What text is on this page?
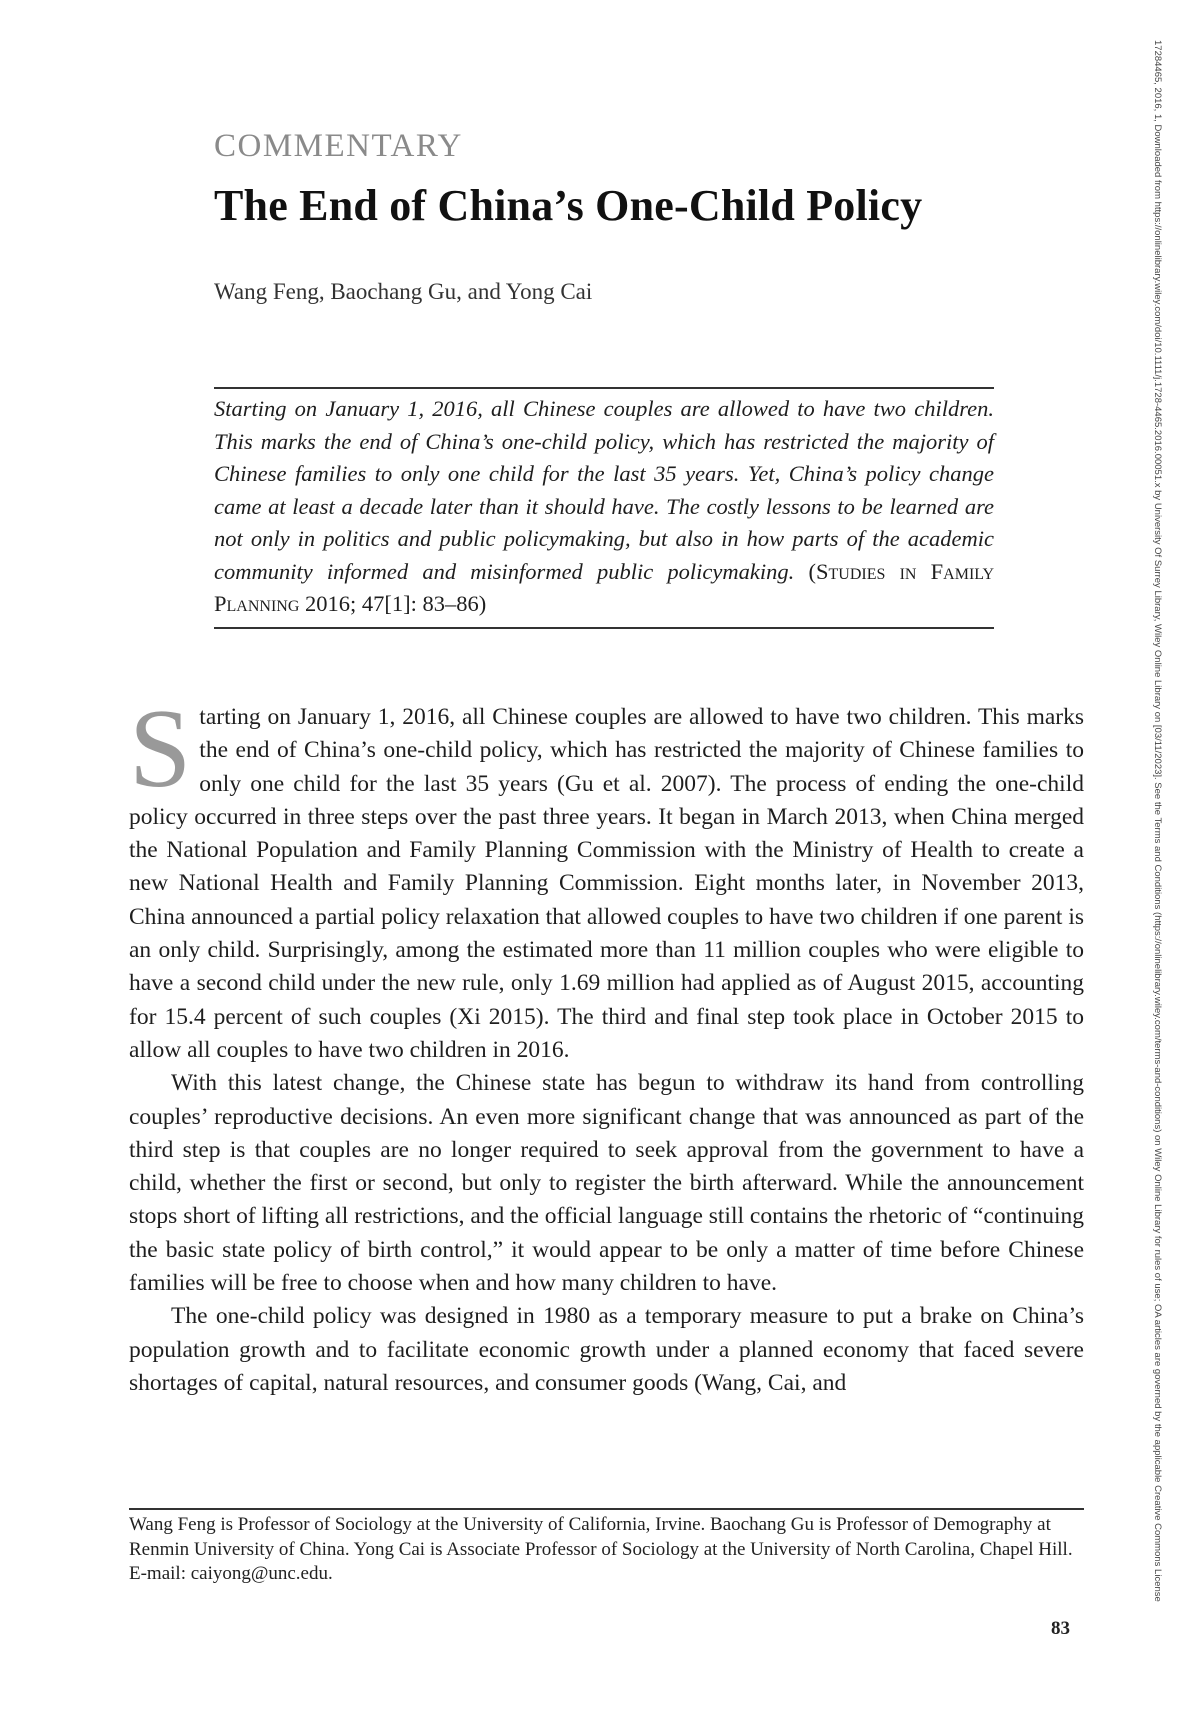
COMMENTARY
The End of China’s One-Child Policy
Wang Feng, Baochang Gu, and Yong Cai

Starting on January 1, 2016, all Chinese couples are allowed to have two children. This marks the end of China’s one-child policy, which has restricted the majority of Chinese families to only one child for the last 35 years. Yet, China’s policy change came at least a decade later than it should have. The costly lessons to be learned are not only in politics and public policymaking, but also in how parts of the academic community informed and misinformed public policymaking. (Studies in Family Planning 2016; 47[1]: 83–86)

Starting on January 1, 2016, all Chinese couples are allowed to have two children. This marks the end of China’s one-child policy, which has restricted the majority of Chinese families to only one child for the last 35 years (Gu et al. 2007). The process of ending the one-child policy occurred in three steps over the past three years. It began in March 2013, when China merged the National Population and Family Planning Commission with the Ministry of Health to create a new National Health and Family Planning Commission. Eight months later, in November 2013, China announced a partial policy relaxation that allowed couples to have two children if one parent is an only child. Surprisingly, among the estimated more than 11 million couples who were eligible to have a second child under the new rule, only 1.69 million had applied as of August 2015, accounting for 15.4 percent of such couples (Xi 2015). The third and final step took place in October 2015 to allow all couples to have two children in 2016.

With this latest change, the Chinese state has begun to withdraw its hand from controlling couples’ reproductive decisions. An even more significant change that was announced as part of the third step is that couples are no longer required to seek approval from the government to have a child, whether the first or second, but only to register the birth afterward. While the announcement stops short of lifting all restrictions, and the official language still contains the rhetoric of “continuing the basic state policy of birth control,” it would appear to be only a matter of time before Chinese families will be free to choose when and how many children to have.

The one-child policy was designed in 1980 as a temporary measure to put a brake on China’s population growth and to facilitate economic growth under a planned economy that faced severe shortages of capital, natural resources, and consumer goods (Wang, Cai, and

Wang Feng is Professor of Sociology at the University of California, Irvine. Baochang Gu is Professor of Demography at Renmin University of China. Yong Cai is Associate Professor of Sociology at the University of North Carolina, Chapel Hill. E-mail: caiyong@unc.edu.

83
17284465, 2016, 1, Downloaded from https://onlinelibrary.wiley.com/doi/10.1111/j.1728-4465.2016.00051.x by University Of Surrey Library, Wiley Online Library on [03/11/2023]. See the Terms and Conditions (https://onlinelibrary.wiley.com/terms-and-conditions) on Wiley Online Library for rules of use; OA articles are governed by the applicable Creative Commons License
